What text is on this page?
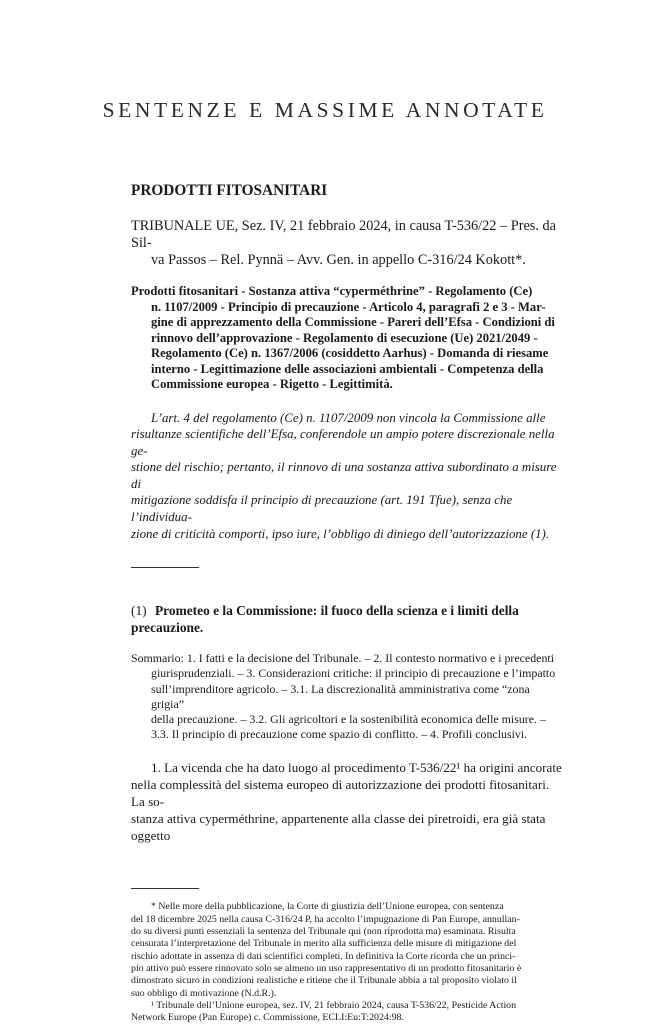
SENTENZE E MASSIME ANNOTATE
PRODOTTI FITOSANITARI

TRIBUNALE UE, Sez. IV, 21 febbraio 2024, in causa T-536/22 – Pres. da Sil-
va Passos – Rel. Pynnä – Avv. Gen. in appello C-316/24 Kokott*.

Prodotti fitosanitari - Sostanza attiva “cyperméthrine” - Regolamento (Ce)
n. 1107/2009 - Principio di precauzione - Articolo 4, paragrafi 2 e 3 - Mar-
gine di apprezzamento della Commissione - Pareri dell’Efsa - Condizioni di
rinnovo dell’approvazione - Regolamento di esecuzione (Ue) 2021/2049 -
Regolamento (Ce) n. 1367/2006 (cosiddetto Aarhus) - Domanda di riesame
interno - Legittimazione delle associazioni ambientali - Competenza della
Commissione europea - Rigetto - Legittimità.

L’art. 4 del regolamento (Ce) n. 1107/2009 non vincola la Commissione alle
risultanze scientifiche dell’Efsa, conferendole un ampio potere discrezionale nella ge-
stione del rischio; pertanto, il rinnovo di una sostanza attiva subordinato a misure di
mitigazione soddisfa il principio di precauzione (art. 191 Tfue), senza che l’individua-
zione di criticità comporti, ipso iure, l’obbligo di diniego dell’autorizzazione (1).

(1) Prometeo e la Commissione: il fuoco della scienza e i limiti della precauzione.

Sommario: 1. I fatti e la decisione del Tribunale. – 2. Il contesto normativo e i precedenti
giurisprudenziali. – 3. Considerazioni critiche: il principio di precauzione e l’impatto
sull’imprenditore agricolo. – 3.1. La discrezionalità amministrativa come “zona grigia”
della precauzione. – 3.2. Gli agricoltori e la sostenibilità economica delle misure. –
3.3. Il principio di precauzione come spazio di conflitto. – 4. Profili conclusivi.

1. La vicenda che ha dato luogo al procedimento T-536/22¹ ha origini ancorate
nella complessità del sistema europeo di autorizzazione dei prodotti fitosanitari. La so-
stanza attiva cyperméthrine, appartenente alla classe dei piretroidi, era già stata oggetto

* Nelle more della pubblicazione, la Corte di giustizia dell’Unione europea, con sentenza
del 18 dicembre 2025 nella causa C-316/24 P, ha accolto l’impugnazione di Pan Europe, annullan-
do su diversi punti essenziali la sentenza del Tribunale qui (non riprodotta ma) esaminata. Risulta
censurata l’interpretazione del Tribunale in merito alla sufficienza delle misure di mitigazione del
rischio adottate in assenza di dati scientifici completi. In definitiva la Corte ricorda che un princi-
pio attivo può essere rinnovato solo se almeno un uso rappresentativo di un prodotto fitosanitario è
dimostrato sicuro in condizioni realistiche e ritiene che il Tribunale abbia a tal proposito violato il
suo obbligo di motivazione (N.d.R.).
¹ Tribunale dell’Unione europea, sez. IV, 21 febbraio 2024, causa T-536/22, Pesticide Action
Network Europe (Pan Europe) c. Commissione, ECLI:Eu:T:2024:98.
